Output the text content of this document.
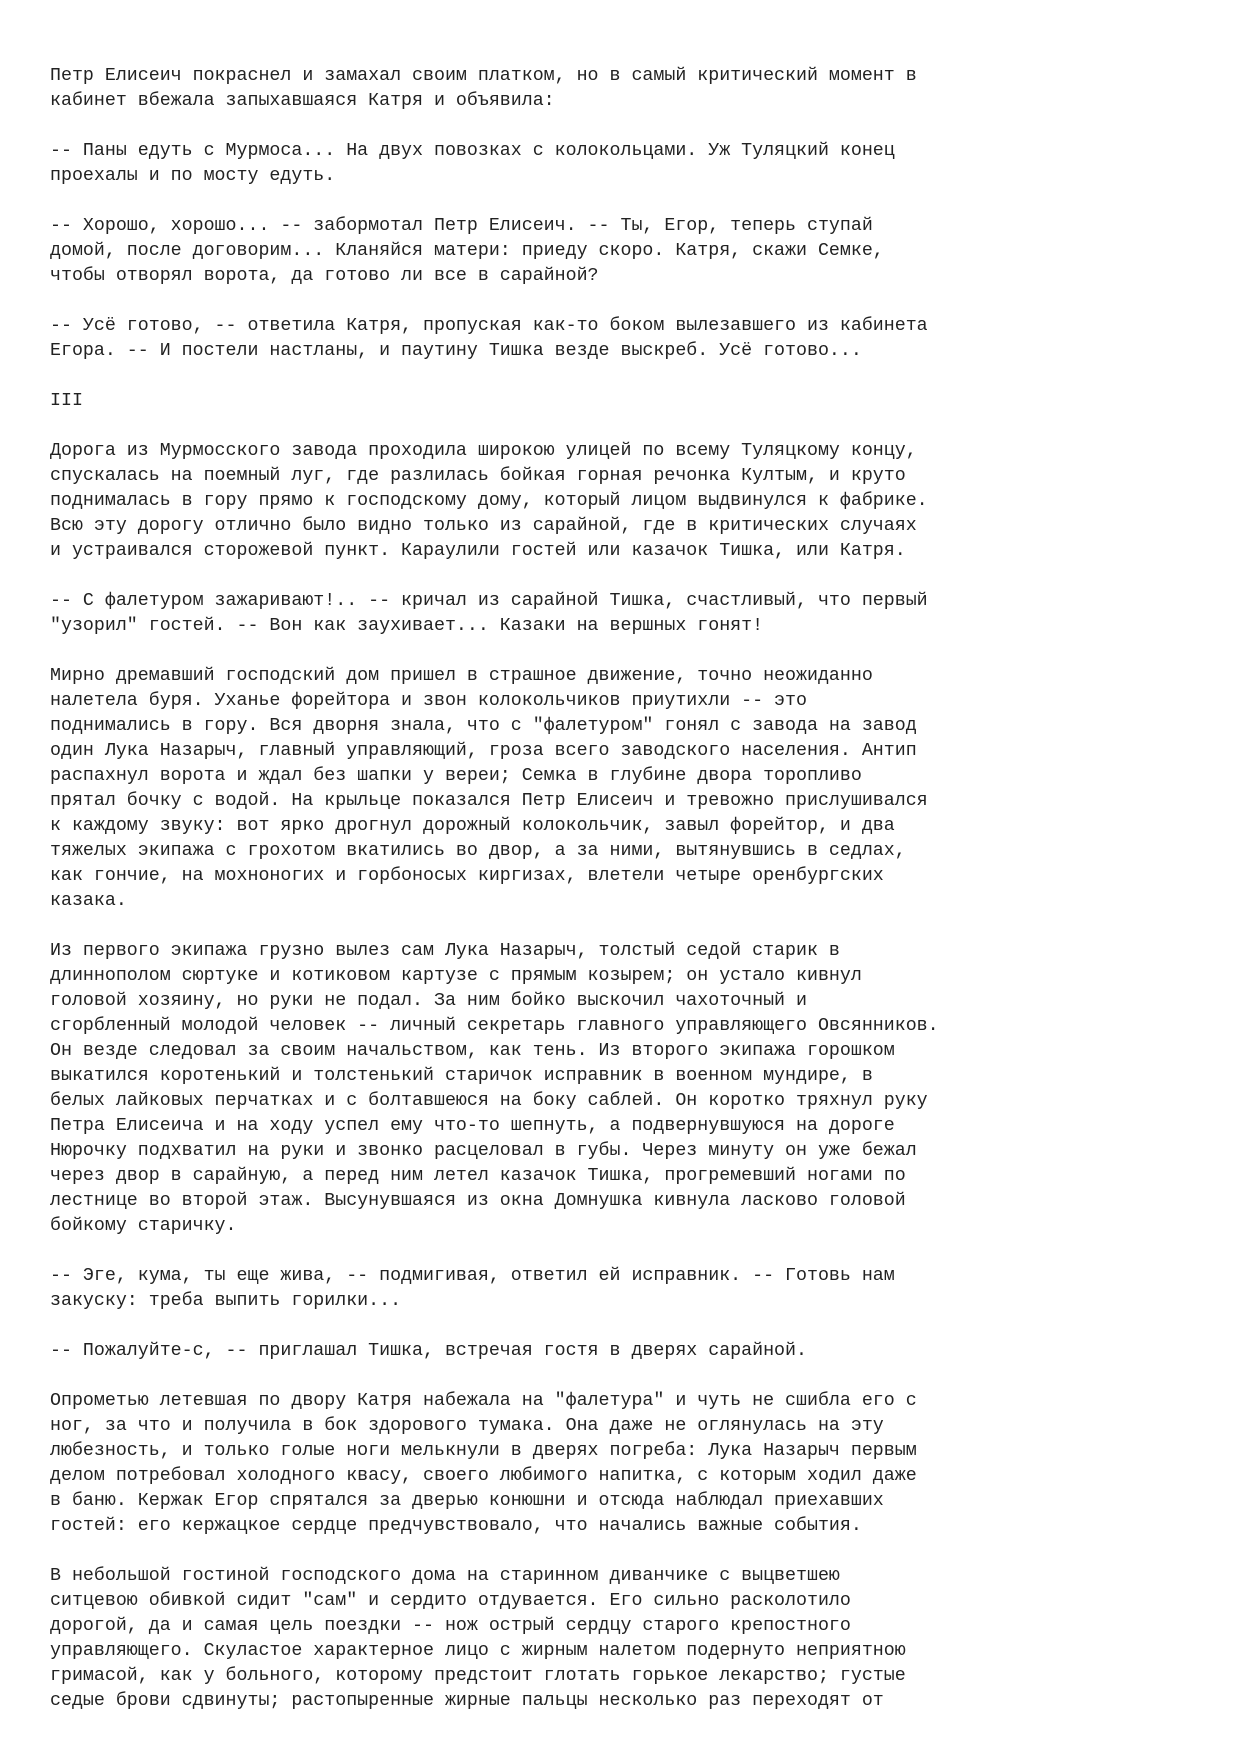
Петр Елисеич покраснел и замахал своим платком, но в самый критический момент в
кабинет вбежала запыхавшаяся Катря и объявила:
-- Паны едуть с Мурмоса... На двух повозках с колокольцами. Уж Туляцкий конец
проехалы и по мосту едуть.
-- Хорошо, хорошо... -- забормотал Петр Елисеич. -- Ты, Егор, теперь ступай
домой, после договорим... Кланяйся матери: приеду скоро. Катря, скажи Семке,
чтобы отворял ворота, да готово ли все в сарайной?
-- Усё готово, -- ответила Катря, пропуская как-то боком вылезавшего из кабинета
Егора. -- И постели настланы, и паутину Тишка везде выскреб. Усё готово...
III
Дорога из Мурмосского завода проходила широкою улицей по всему Туляцкому концу,
спускалась на поемный луг, где разлилась бойкая горная речонка Култым, и круто
поднималась в гору прямо к господскому дому, который лицом выдвинулся к фабрике.
Всю эту дорогу отлично было видно только из сарайной, где в критических случаях
и устраивался сторожевой пункт. Караулили гостей или казачок Тишка, или Катря.
-- С фалетуром зажаривают!.. -- кричал из сарайной Тишка, счастливый, что первый
"узорил" гостей. -- Вон как заухивает... Казаки на вершных гонят!
Мирно дремавший господский дом пришел в страшное движение, точно неожиданно
налетела буря. Уханье форейтора и звон колокольчиков приутихли -- это
поднимались в гору. Вся дворня знала, что с "фалетуром" гонял с завода на завод
один Лука Назарыч, главный управляющий, гроза всего заводского населения. Антип
распахнул ворота и ждал без шапки у вереи; Семка в глубине двора торопливо
прятал бочку с водой. На крыльце показался Петр Елисеич и тревожно прислушивался
к каждому звуку: вот ярко дрогнул дорожный колокольчик, завыл форейтор, и два
тяжелых экипажа с грохотом вкатились во двор, а за ними, вытянувшись в седлах,
как гончие, на мохноногих и горбоносых киргизах, влетели четыре оренбургских
казака.
Из первого экипажа грузно вылез сам Лука Назарыч, толстый седой старик в
длиннополом сюртуке и котиковом картузе с прямым козырем; он устало кивнул
головой хозяину, но руки не подал. За ним бойко выскочил чахоточный и
сгорбленный молодой человек -- личный секретарь главного управляющего Овсянников.
Он везде следовал за своим начальством, как тень. Из второго экипажа горошком
выкатился коротенький и толстенький старичок исправник в военном мундире, в
белых лайковых перчатках и с болтавшеюся на боку саблей. Он коротко тряхнул руку
Петра Елисеича и на ходу успел ему что-то шепнуть, а подвернувшуюся на дороге
Нюрочку подхватил на руки и звонко расцеловал в губы. Через минуту он уже бежал
через двор в сарайную, а перед ним летел казачок Тишка, прогремевший ногами по
лестнице во второй этаж. Высунувшаяся из окна Домнушка кивнула ласково головой
бойкому старичку.
-- Эге, кума, ты еще жива, -- подмигивая, ответил ей исправник. -- Готовь нам
закуску: треба выпить горилки...
-- Пожалуйте-с, -- приглашал Тишка, встречая гостя в дверях сарайной.
Опрометью летевшая по двору Катря набежала на "фалетура" и чуть не сшибла его с
ног, за что и получила в бок здорового тумака. Она даже не оглянулась на эту
любезность, и только голые ноги мелькнули в дверях погреба: Лука Назарыч первым
делом потребовал холодного квасу, своего любимого напитка, с которым ходил даже
в баню. Кержак Егор спрятался за дверью конюшни и отсюда наблюдал приехавших
гостей: его кержацкое сердце предчувствовало, что начались важные события.
В небольшой гостиной господского дома на старинном диванчике с выцветшею
ситцевою обивкой сидит "сам" и сердито отдувается. Его сильно расколотило
дорогой, да и самая цель поездки -- нож острый сердцу старого крепостного
управляющего. Скуластое характерное лицо с жирным налетом подернуто неприятною
гримасой, как у больного, которому предстоит глотать горькое лекарство; густые
седые брови сдвинуты; растопыренные жирные пальцы несколько раз переходят от
